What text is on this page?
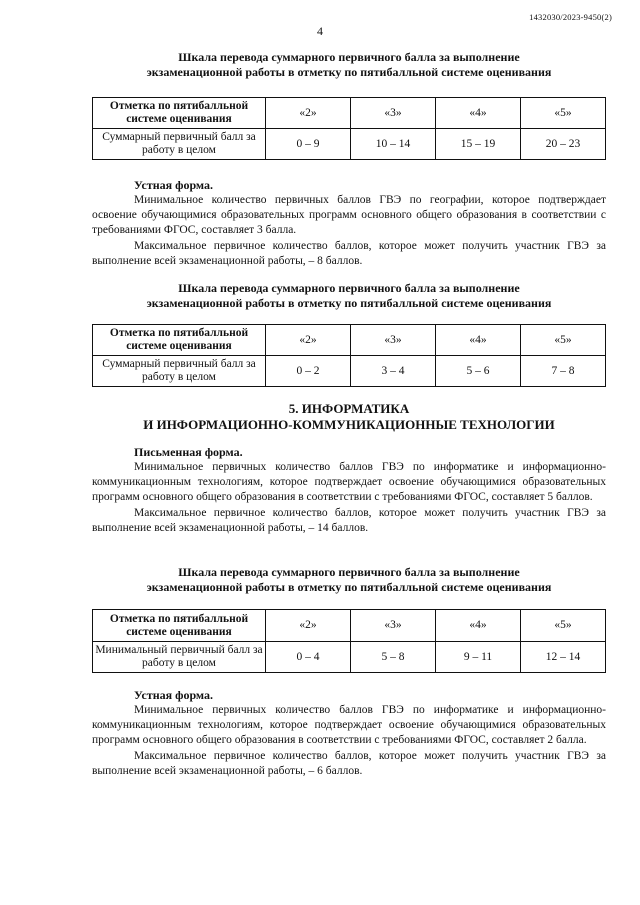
1432030/2023-9450(2)
4
Шкала перевода суммарного первичного балла за выполнение
экзаменационной работы в отметку по пятибалльной системе оценивания
Отметка по пятибалльной системе оценивания	«2»	«3»	«4»	«5»
Суммарный первичный балл за работу в целом	0 – 9	10 – 14	15 – 19	20 – 23
Устная форма.

Минимальное количество первичных баллов ГВЭ по географии, которое подтверждает освоение обучающимися образовательных программ основного общего образования в соответствии с требованиями ФГОС, составляет 3 балла.

Максимальное первичное количество баллов, которое может получить участник ГВЭ за выполнение всей экзаменационной работы, – 8 баллов.

Шкала перевода суммарного первичного балла за выполнение
экзаменационной работы в отметку по пятибалльной системе оценивания
Отметка по пятибалльной системе оценивания	«2»	«3»	«4»	«5»
Суммарный первичный балл за работу в целом	0 – 2	3 – 4	5 – 6	7 – 8
5. ИНФОРМАТИКА
И ИНФОРМАЦИОННО-КОММУНИКАЦИОННЫЕ ТЕХНОЛОГИИ
Письменная форма.

Минимальное первичных количество баллов ГВЭ по информатике и информационно-коммуникационным технологиям, которое подтверждает освоение обучающимися образовательных программ основного общего образования в соответствии с требованиями ФГОС, составляет 5 баллов.

Максимальное первичное количество баллов, которое может получить участник ГВЭ за выполнение всей экзаменационной работы, – 14 баллов.

Шкала перевода суммарного первичного балла за выполнение
экзаменационной работы в отметку по пятибалльной системе оценивания
Отметка по пятибалльной системе оценивания	«2»	«3»	«4»	«5»
Минимальный первичный балл за работу в целом	0 – 4	5 – 8	9 – 11	12 – 14
Устная форма.

Минимальное первичных количество баллов ГВЭ по информатике и информационно-коммуникационным технологиям, которое подтверждает освоение обучающимися образовательных программ основного общего образования в соответствии с требованиями ФГОС, составляет 2 балла.

Максимальное первичное количество баллов, которое может получить участник ГВЭ за выполнение всей экзаменационной работы, – 6 баллов.
